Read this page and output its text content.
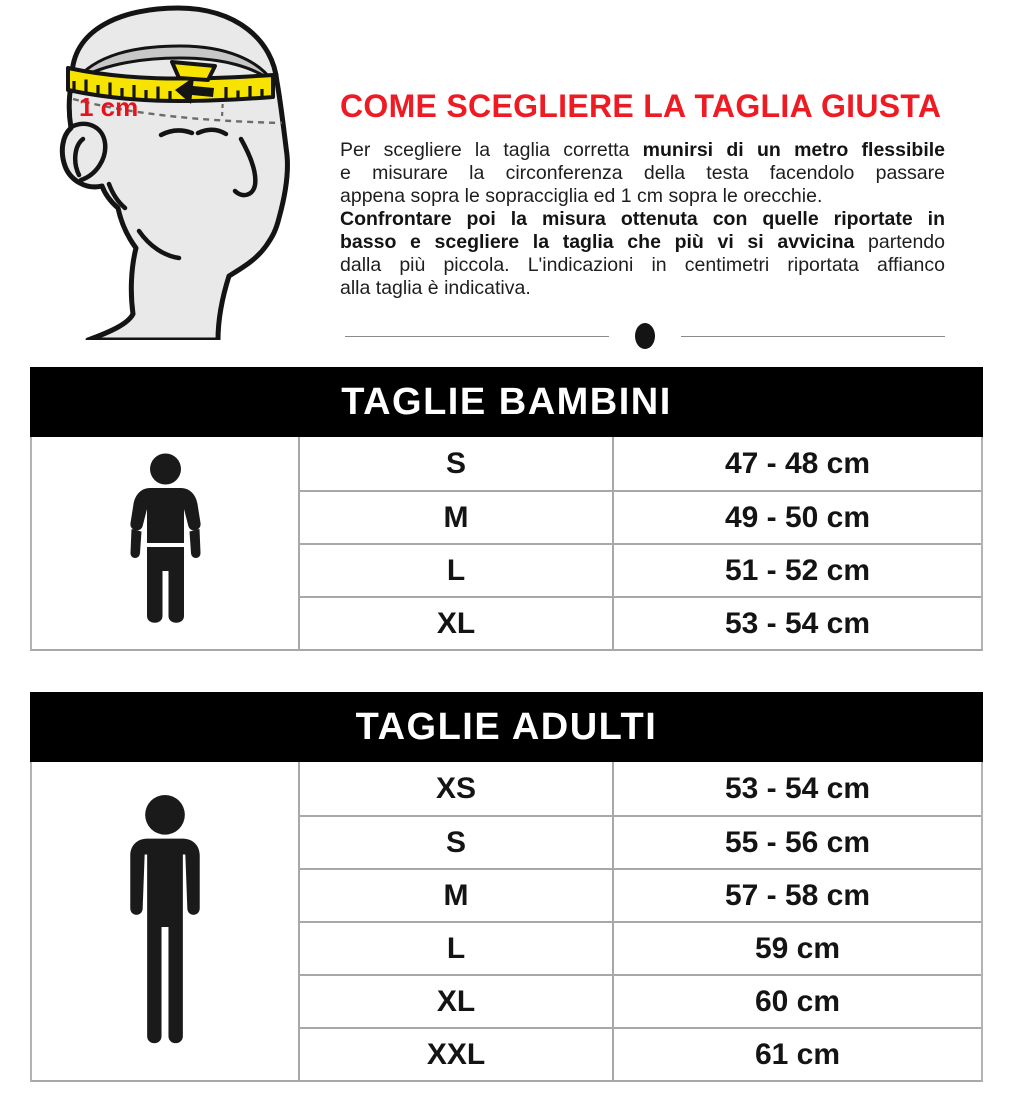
1 cm	COME SCEGLIERE LA TAGLIA GIUSTA
Per scegliere la taglia corretta munirsi di un metro flessibile
e misurare la circonferenza della testa facendolo passare
appena sopra le sopracciglia ed 1 cm sopra le orecchie.
Confrontare poi la misura ottenuta con quelle riportate in
basso e scegliere la taglia che più vi si avvicina partendo
dalla più piccola. L'indicazioni in centimetri riportata affianco
alla taglia è indicativa.
TAGLIE BAMBINI
S	47 - 48 cm
M	49 - 50 cm
L	51 - 52 cm
XL	53 - 54 cm
TAGLIE ADULTI
XS	53 - 54 cm
S	55 - 56 cm
M	57 - 58 cm
L	59 cm
XL	60 cm
XXL	61 cm
